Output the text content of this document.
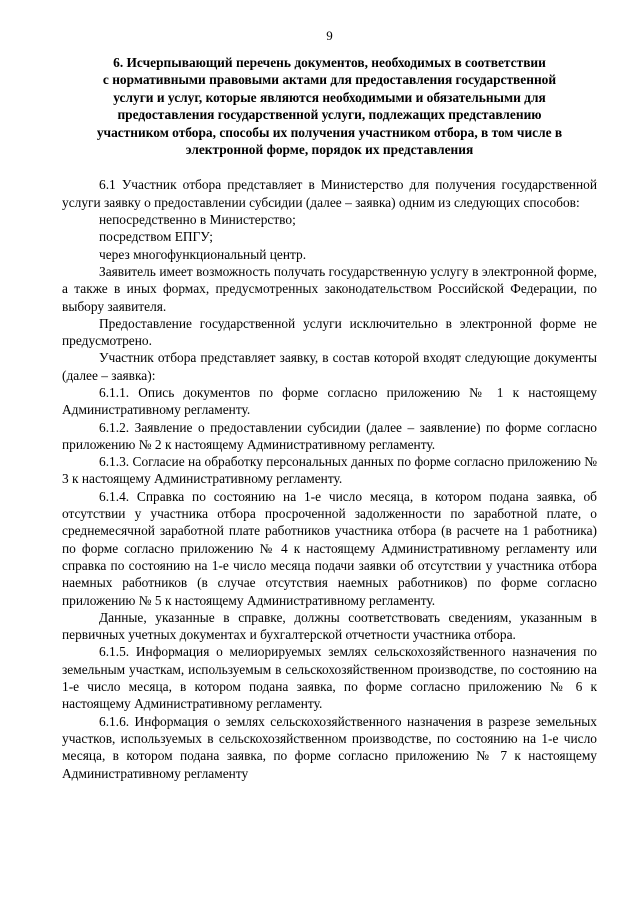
9
6. Исчерпывающий перечень документов, необходимых в соответствии
с нормативными правовыми актами для предоставления государственной
услуги и услуг, которые являются необходимыми и обязательными для
предоставления государственной услуги, подлежащих представлению
участником отбора, способы их получения участником отбора, в том числе в
электронной форме, порядок их представления

6.1 Участник отбора представляет в Министерство для получения государственной услуги заявку о предоставлении субсидии (далее – заявка) одним из следующих способов:

непосредственно в Министерство;

посредством ЕПГУ;

через многофункциональный центр.

Заявитель имеет возможность получать государственную услугу в электронной форме, а также в иных формах, предусмотренных законодательством Российской Федерации, по выбору заявителя.

Предоставление государственной услуги исключительно в электронной форме не предусмотрено.

Участник отбора представляет заявку, в состав которой входят следующие документы (далее – заявка):

6.1.1. Опись документов по форме согласно приложению № 1 к настоящему Административному регламенту.

6.1.2. Заявление о предоставлении субсидии (далее – заявление) по форме согласно приложению № 2 к настоящему Административному регламенту.

6.1.3. Согласие на обработку персональных данных по форме согласно приложению № 3 к настоящему Административному регламенту.

6.1.4. Справка по состоянию на 1-е число месяца, в котором подана заявка, об отсутствии у участника отбора просроченной задолженности по заработной плате, о среднемесячной заработной плате работников участника отбора (в расчете на 1 работника) по форме согласно приложению № 4 к настоящему Административному регламенту или справка по состоянию на 1-е число месяца подачи заявки об отсутствии у участника отбора наемных работников (в случае отсутствия наемных работников) по форме согласно приложению № 5 к настоящему Административному регламенту.

Данные, указанные в справке, должны соответствовать сведениям, указанным в первичных учетных документах и бухгалтерской отчетности участника отбора.

6.1.5. Информация о мелиорируемых землях сельскохозяйственного назначения по земельным участкам, используемым в сельскохозяйственном производстве, по состоянию на 1-е число месяца, в котором подана заявка, по форме согласно приложению № 6 к настоящему Административному регламенту.

6.1.6. Информация о землях сельскохозяйственного назначения в разрезе земельных участков, используемых в сельскохозяйственном производстве, по состоянию на 1-е число месяца, в котором подана заявка, по форме согласно приложению № 7 к настоящему Административному регламенту
